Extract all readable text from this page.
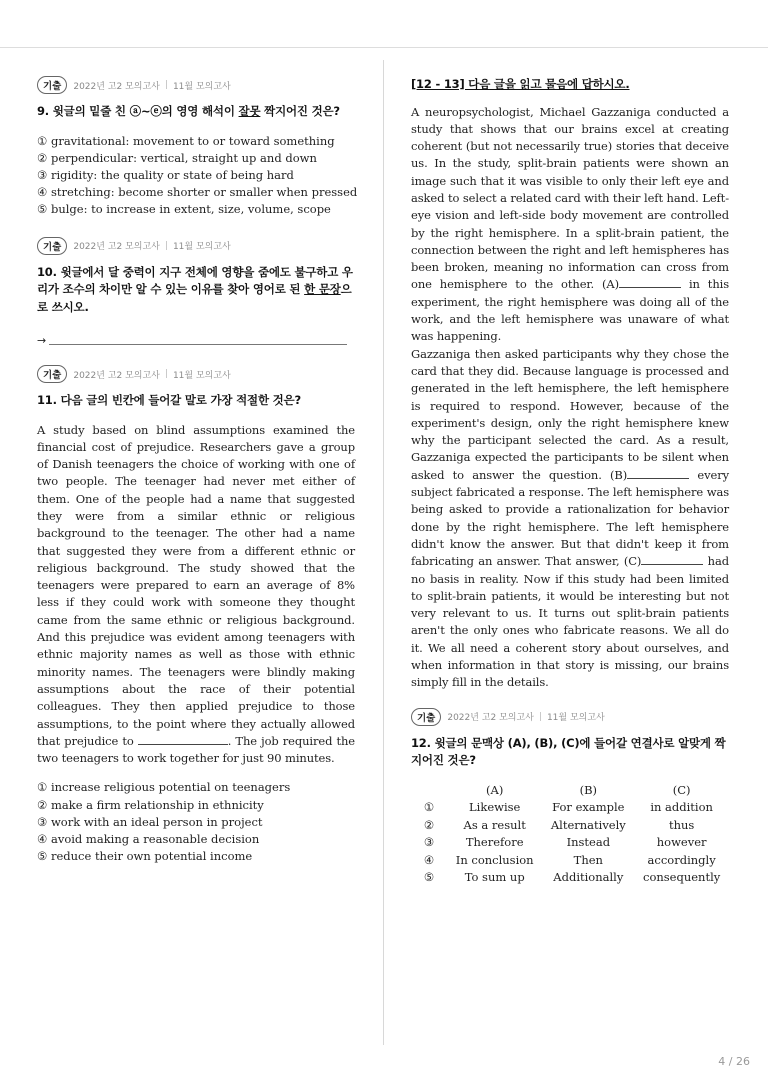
기출	2022년 고2 모의고사 | 11월 모의고사

9. 윗글의 밑줄 친 ⓐ~ⓔ의 영영 해석이 잘못 짝지어진 것은?

① gravitational: movement to or toward something
② perpendicular: vertical, straight up and down
③ rigidity: the quality or state of being hard
④ stretching: become shorter or smaller when pressed
⑤ bulge: to increase in extent, size, volume, scope
기출	2022년 고2 모의고사 | 11월 모의고사

10. 윗글에서 달 중력이 지구 전체에 영향을 줌에도 불구하고 우리가 조수의 차이만 알 수 있는 이유를 찾아 영어로 된 한 문장으로 쓰시오.

→
기출	2022년 고2 모의고사 | 11월 모의고사

11. 다음 글의 빈칸에 들어갈 말로 가장 적절한 것은?

A study based on blind assumptions examined the financial cost of prejudice. Researchers gave a group of Danish teenagers the choice of working with one of two people. The teenager had never met either of them. One of the people had a name that suggested they were from a similar ethnic or religious background to the teenager. The other had a name that suggested they were from a different ethnic or religious background. The study showed that the teenagers were prepared to earn an average of 8% less if they could work with someone they thought came from the same ethnic or religious background. And this prejudice was evident among teenagers with ethnic majority names as well as those with ethnic minority names. The teenagers were blindly making assumptions about the race of their potential colleagues. They then applied prejudice to those assumptions, to the point where they actually allowed that prejudice to	. The job required the two teenagers to work together for just 90 minutes.

① increase religious potential on teenagers
② make a firm relationship in ethnicity
③ work with an ideal person in project
④ avoid making a reasonable decision
⑤ reduce their own potential income

[12 - 13] 다음 글을 읽고 물음에 답하시오.

A neuropsychologist, Michael Gazzaniga conducted a study that shows that our brains excel at creating coherent (but not necessarily true) stories that deceive us. In the study, split-brain patients were shown an image such that it was visible to only their left eye and asked to select a related card with their left hand. Left-eye vision and left-side body movement are controlled by the right hemisphere. In a split-brain patient, the connection between the right and left hemispheres has been broken, meaning no information can cross from one hemisphere to the other. (A)	in this experiment, the right hemisphere was doing all of the work, and the left hemisphere was unaware of what was happening.
Gazzaniga then asked participants why they chose the card that they did. Because language is processed and generated in the left hemisphere, the left hemisphere is required to respond. However, because of the experiment's design, only the right hemisphere knew why the participant selected the card. As a result, Gazzaniga expected the participants to be silent when asked to answer the question. (B)	every subject fabricated a response. The left hemisphere was being asked to provide a rationalization for behavior done by the right hemisphere. The left hemisphere didn't know the answer. But that didn't keep it from fabricating an answer. That answer, (C)	had no basis in reality. Now if this study had been limited to split-brain patients, it would be interesting but not very relevant to us. It turns out split-brain patients aren't the only ones who fabricate reasons. We all do it. We all need a coherent story about ourselves, and when information in that story is missing, our brains simply fill in the details.

기출	2022년 고2 모의고사 | 11월 모의고사

12. 윗글의 문맥상 (A), (B), (C)에 들어갈 연결사로 알맞게 짝지어진 것은?

	(A)	(B)	(C)
①	Likewise	For example	in addition
②	As a result	Alternatively	thus
③	Therefore	Instead	however
④	In conclusion	Then	accordingly
⑤	To sum up	Additionally	consequently
4 / 26
